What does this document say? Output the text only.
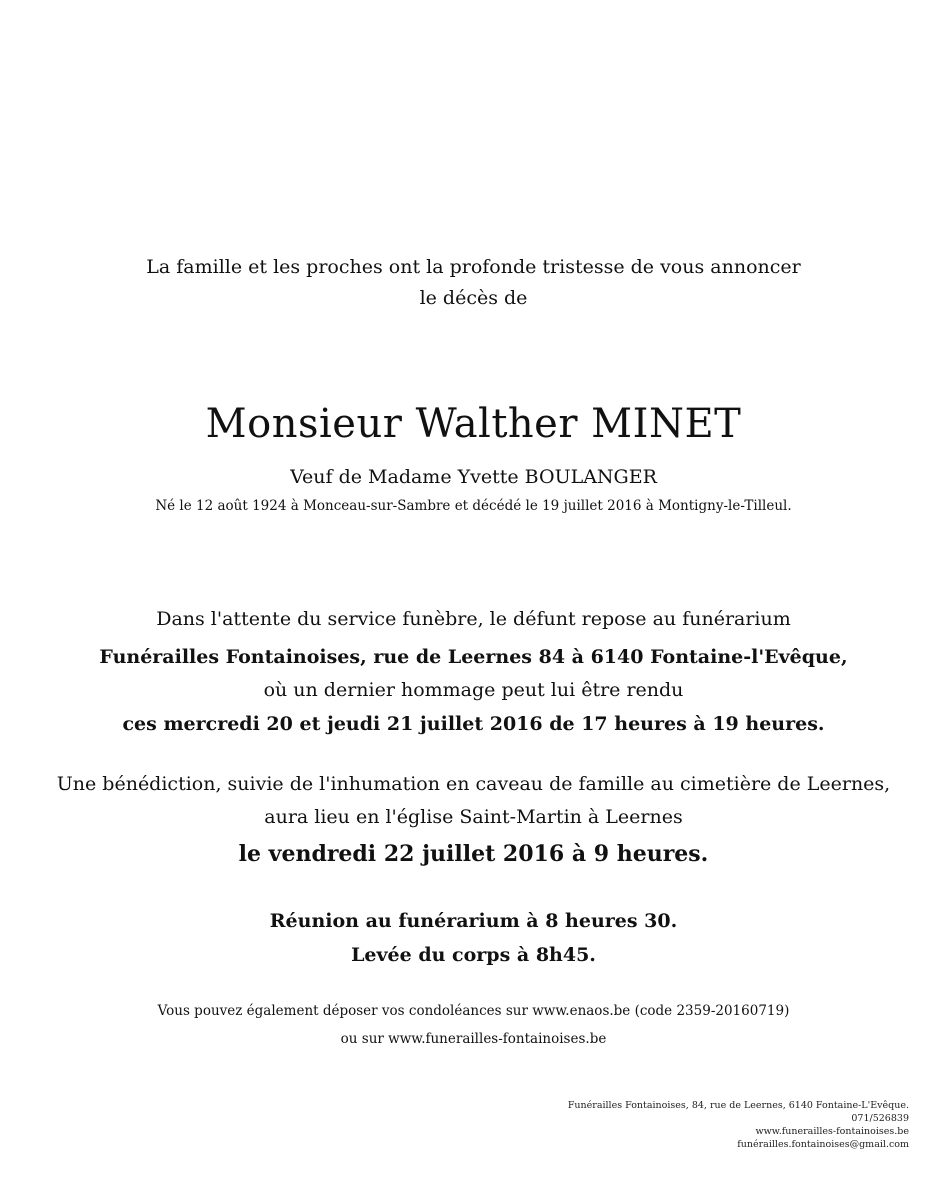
La famille et les proches ont la profonde tristesse de vous annoncer
le décès de
Monsieur Walther MINET
Veuf de Madame Yvette BOULANGER
Né le 12 août 1924 à Monceau-sur-Sambre et décédé le 19 juillet 2016 à Montigny-le-Tilleul.
Dans l'attente du service funèbre, le défunt repose au funérarium
Funérailles Fontainoises, rue de Leernes 84 à 6140 Fontaine-l'Evêque,
où un dernier hommage peut lui être rendu
ces mercredi 20 et jeudi 21 juillet 2016 de 17 heures à 19 heures.
Une bénédiction, suivie de l'inhumation en caveau de famille au cimetière de Leernes,
aura lieu en l'église Saint-Martin à Leernes
le vendredi 22 juillet 2016 à 9 heures.
Réunion au funérarium à 8 heures 30.
Levée du corps à 8h45.
Vous pouvez également déposer vos condoléances sur www.enaos.be (code 2359-20160719)
ou sur www.funerailles-fontainoises.be
Funérailles Fontainoises, 84, rue de Leernes, 6140 Fontaine-L'Evêque.
071/526839
www.funerailles-fontainoises.be
funérailles.fontainoises@gmail.com
